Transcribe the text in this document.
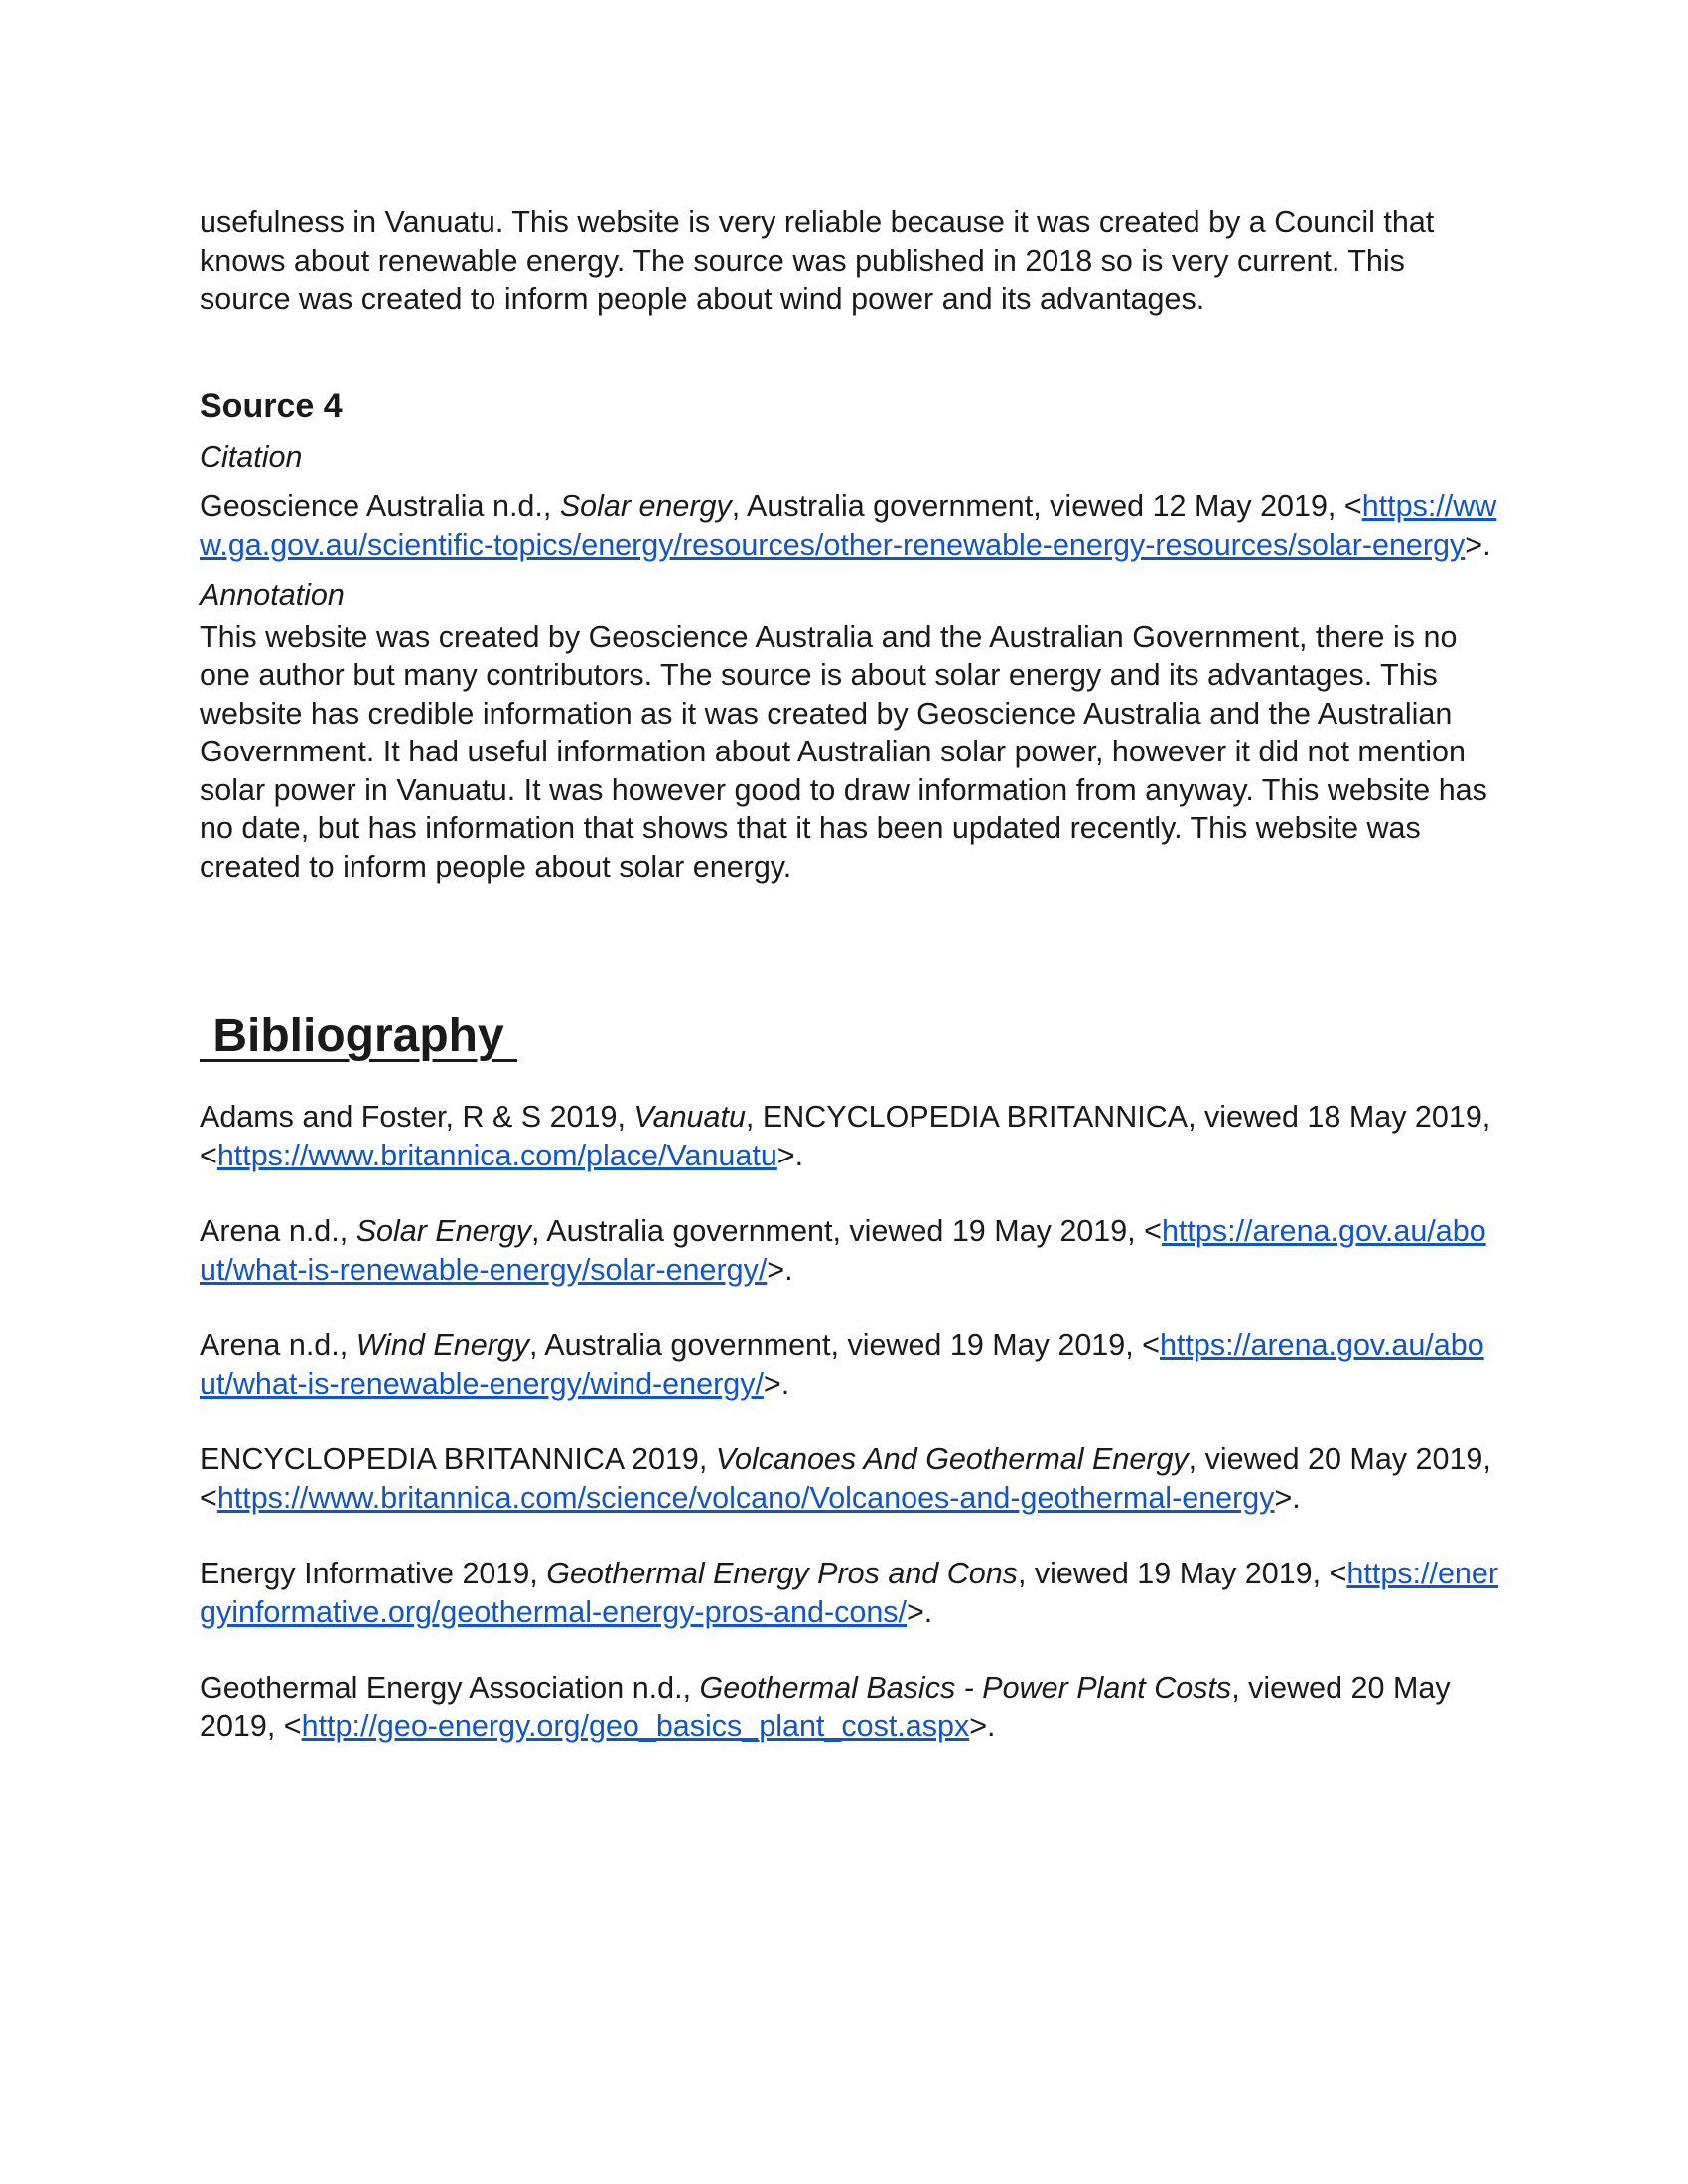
usefulness in Vanuatu. This website is very reliable because it was created by a Council that knows about renewable energy. The source was published in 2018 so is very current. This source was created to inform people about wind power and its advantages.

Source 4

Citation

Geoscience Australia n.d., Solar energy, Australia government, viewed 12 May 2019, <https://www.ga.gov.au/scientific-topics/energy/resources/other-renewable-energy-resources/solar-energy>.

Annotation

This website was created by Geoscience Australia and the Australian Government, there is no one author but many contributors. The source is about solar energy and its advantages. This website has credible information as it was created by Geoscience Australia and the Australian Government. It had useful information about Australian solar power, however it did not mention solar power in Vanuatu. It was however good to draw information from anyway. This website has no date, but has information that shows that it has been updated recently. This website was created to inform people about solar energy.

Bibliography

Adams and Foster, R & S 2019, Vanuatu, ENCYCLOPEDIA BRITANNICA, viewed 18 May 2019, <https://www.britannica.com/place/Vanuatu>.

Arena n.d., Solar Energy, Australia government, viewed 19 May 2019, <https://arena.gov.au/about/what-is-renewable-energy/solar-energy/>.

Arena n.d., Wind Energy, Australia government, viewed 19 May 2019, <https://arena.gov.au/about/what-is-renewable-energy/wind-energy/>.

ENCYCLOPEDIA BRITANNICA 2019, Volcanoes And Geothermal Energy, viewed 20 May 2019, <https://www.britannica.com/science/volcano/Volcanoes-and-geothermal-energy>.

Energy Informative 2019, Geothermal Energy Pros and Cons, viewed 19 May 2019, <https://energyinformative.org/geothermal-energy-pros-and-cons/>.

Geothermal Energy Association n.d., Geothermal Basics - Power Plant Costs, viewed 20 May 2019, <http://geo-energy.org/geo_basics_plant_cost.aspx>.
